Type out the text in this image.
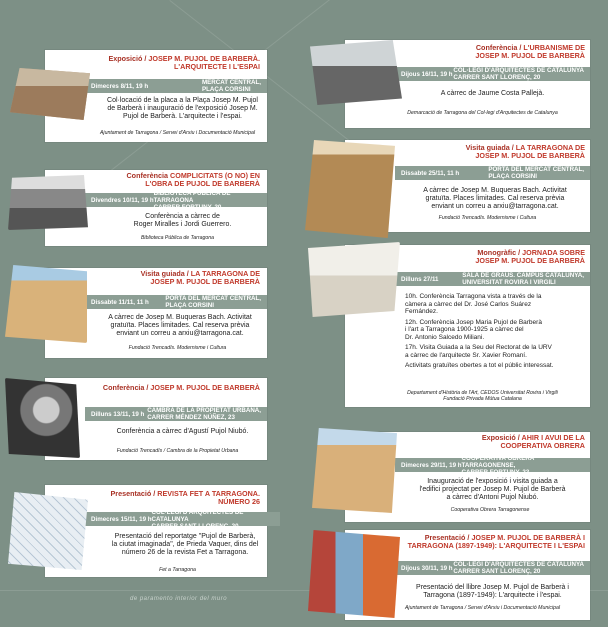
Exposició / JOSEP M. PUJOL DE BARBERÀ.
L'ARQUITECTE I L'ESPAI
Dimecres 8/11, 19 h	MERCAT CENTRAL,
PLAÇA CORSINI
Col·locació de la placa a la Plaça Josep M. Pujol
de Barberà i inauguració de l'exposició Josep M.
Pujol de Barberà. L'arquitecte i l'espai.
Ajuntament de Tarragona / Servei d'Arxiu i Documentació Municipal
Conferència COMPLICITATS (O NO) EN
L'OBRA DE PUJOL DE BARBERÀ
Divendres 10/11, 19 h
BIBLIOTECA PÚBLICA DE TARRAGONA
CARRER FORTUNY, 30
Conferència a càrrec de
Roger Miralles i Jordi Guerrero.
Biblioteca Pública de Tarragona
Visita guiada / LA TARRAGONA DE
JOSEP M. PUJOL DE BARBERÀ
Dissabte 11/11, 11 h	PORTA DEL MERCAT CENTRAL,
PLAÇA CORSINI
A càrrec de Josep M. Buqueras Bach. Activitat
gratuïta. Places limitades. Cal reserva prèvia
enviant un correu a arxiu@tarragona.cat.
Fundació Trencadís. Modernisme i Cultura
Conferència / JOSEP M. PUJOL DE BARBERÀ
Dilluns 13/11, 19 h CAMBRA DE LA PROPIETAT URBANA,
CARRER MÉNDEZ NÚÑEZ, 23
Conferència a càrrec d'Agustí Pujol Niubó.
Fundació Trencadís / Cambra de la Propietat Urbana
Presentació / REVISTA FET A TARRAGONA.
NÚMERO 26
Dimecres 15/11, 19 h
COL·LEGI D'ARQUITECTES DE CATALUNYA
CARRER SANT LLORENÇ, 20
Presentació del reportatge "Pujol de Barberà,
la ciutat imaginada", de Prieda Vaquer, dins del
número 26 de la revista Fet a Tarragona.
Fet a Tarragona
Conferència / L'URBANISME DE
JOSEP M. PUJOL DE BARBERÀ
Dijous 16/11, 19 h COL·LEGI D'ARQUITECTES DE CATALUNYA
CARRER SANT LLORENÇ, 20
A càrrec de Jaume Costa Pallejà.
Demarcació de Tarragona del Col·legi d'Arquitectes de Catalunya
Visita guiada / LA TARRAGONA DE
JOSEP M. PUJOL DE BARBERÀ
Dissabte 25/11, 11 h	PORTA DEL MERCAT CENTRAL,
PLAÇA CORSINI
A càrrec de Josep M. Buqueras Bach. Activitat
gratuïta. Places limitades. Cal reserva prèvia
enviant un correu a arxiu@tarragona.cat.
Fundació Trencadís. Modernisme i Cultura
Monogràfic / JORNADA SOBRE
JOSEP M. PUJOL DE BARBERÀ
Dilluns 27/11	SALA DE GRAUS. CAMPUS CATALUNYA,
UNIVERSITAT ROVIRA I VIRGILI
10h. Conferència Tarragona vista a través de la
càmera a càrrec del Dr. José Carlos Suárez
Fernández.
12h. Conferència Josep Maria Pujol de Barberà
i l'art a Tarragona 1900-1925 a càrrec del
Dr. Antonio Salcedo Miliani.
17h. Visita Guiada a la Seu del Rectorat de la URV
a càrrec de l'arquitecte Sr. Xavier Romaní.
Activitats gratuïtes obertes a tot el públic interessat.
Departament d'Història de l'Art, CEDOS Universitat Rovira i Virgili
Fundació Privada Mútua Catalana
Exposició / AHIR I AVUI DE LA
COOPERATIVA OBRERA
Dimecres 29/11, 19 h
COOPERATIVA OBRERA TARRAGONENSE,
CARRER FORTUNY, 23
Inauguració de l'exposició i visita guiada a
l'edifici projectat per Josep M. Pujol de Barberà
a càrrec d'Antoni Pujol Niubó.
Cooperativa Obrera Tarragonense
Presentació / JOSEP M. PUJOL DE BARBERÀ I
TARRAGONA (1897-1949): L'ARQUITECTE I L'ESPAI
Dijous 30/11, 19 h COL·LEGI D'ARQUITECTES DE CATALUNYA
CARRER SANT LLORENÇ, 20
Presentació del llibre Josep M. Pujol de Barberà i
Tarragona (1897-1949): L'arquitecte i l'espai.
Ajuntament de Tarragona / Servei d'Arxiu i Documentació Municipal
de paramento interior del muro
